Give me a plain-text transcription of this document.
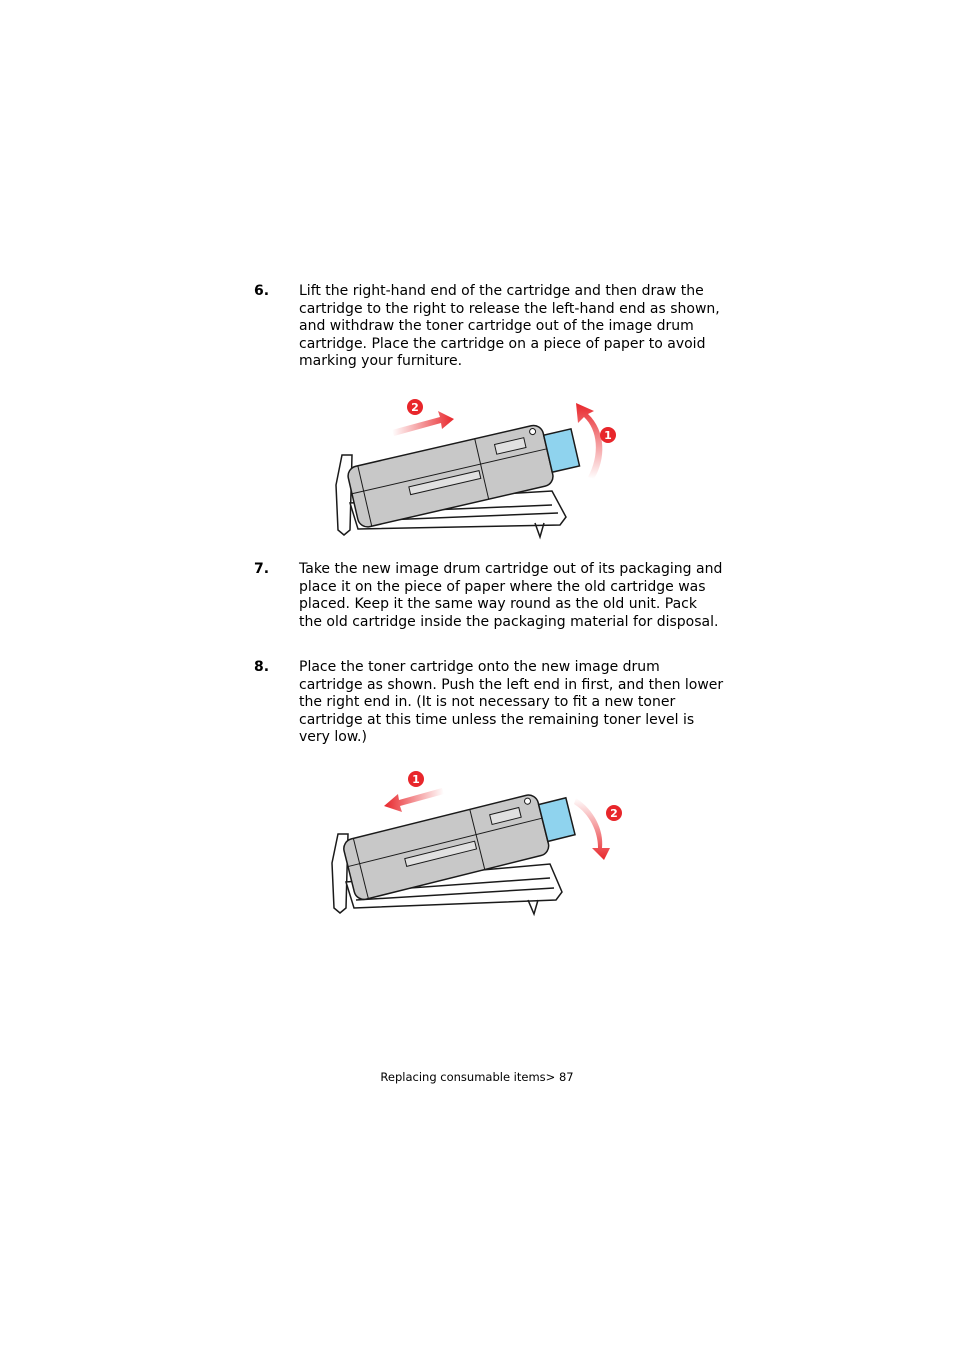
6. Lift the right-hand end of the cartridge and then draw the cartridge to the right to release the left-hand end as shown, and withdraw the toner cartridge out of the image drum cartridge. Place the cartridge on a piece of paper to avoid marking your furniture.
2
1
7. Take the new image drum cartridge out of its packaging and place it on the piece of paper where the old cartridge was placed. Keep it the same way round as the old unit. Pack the old cartridge inside the packaging material for disposal.
8. Place the toner cartridge onto the new image drum cartridge as shown. Push the left end in first, and then lower the right end in. (It is not necessary to fit a new toner cartridge at this time unless the remaining toner level is very low.)
1
2
Replacing consumable items> 87
